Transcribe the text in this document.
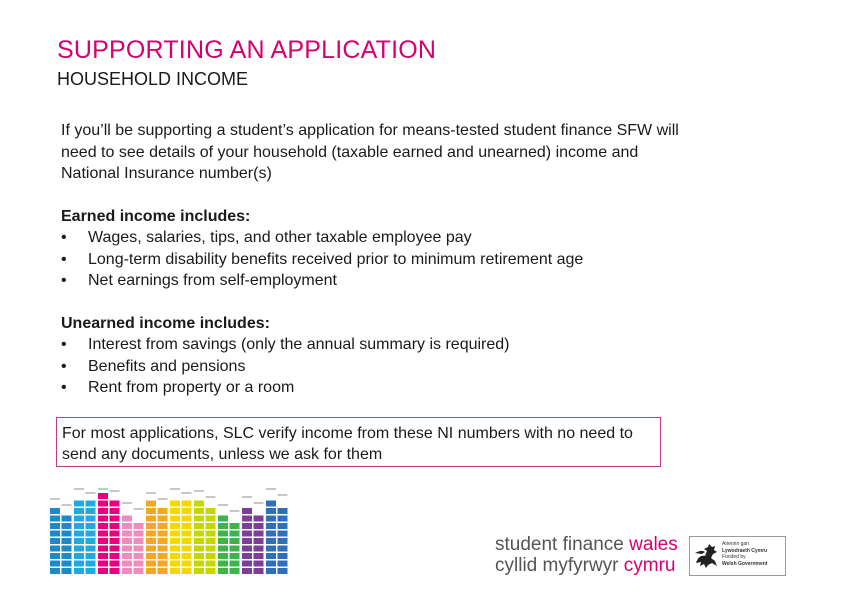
SUPPORTING AN APPLICATION
HOUSEHOLD INCOME

If you’ll be supporting a student’s application for means-tested student finance SFW will need to see details of your household (taxable earned and unearned) income and National Insurance number(s)

Earned income includes:
• Wages, salaries, tips, and other taxable employee pay
• Long-term disability benefits received prior to minimum retirement age
• Net earnings from self-employment
Unearned income includes:
• Interest from savings (only the annual summary is required)
• Benefits and pensions
• Rent from property or a room
For most applications, SLC verify income from these NI numbers with no need to send any documents, unless we ask for them
student finance wales
cyllid myfyrwyr cymru
Ariennir gan
Lywodraeth Cymru
Funded by
Welsh Government
